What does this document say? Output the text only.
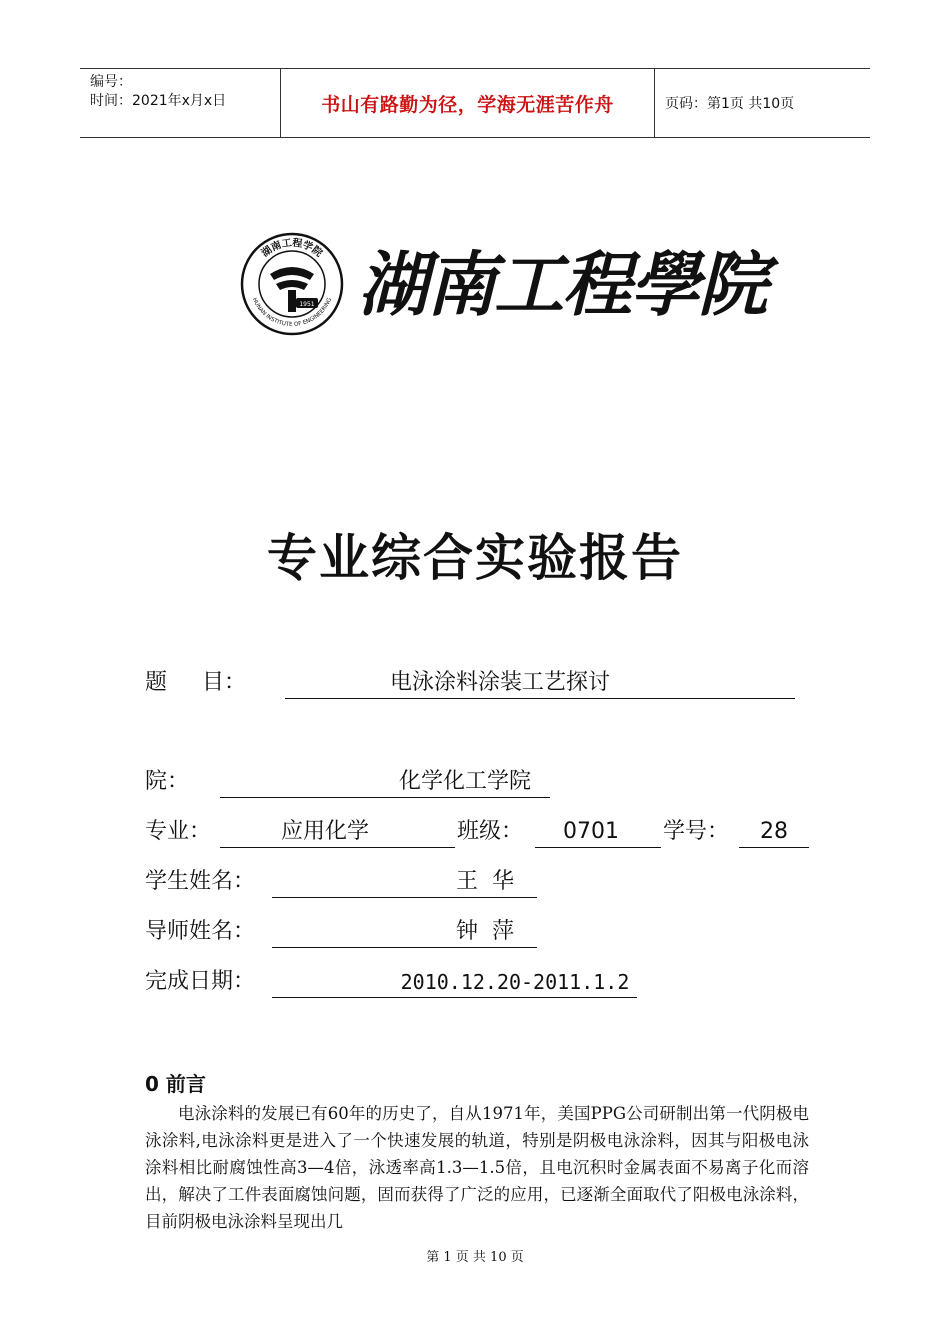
编号：
时间：2021年x月x日	书山有路勤为径，学海无涯苦作舟	页码：第1页 共10页
湖南工程学院
HUNAN INSTITUTE OF ENGINEERING
1951 湖南工程學院
专业综合实验报告
题     目：	电泳涂料涂装工艺探讨
院：	化学化工学院
专业：	应用化学	班级：	0701	学号：	28
学生姓名：	王  华
导师姓名：	钟  萍
完成日期：	2010.12.20-2011.1.2
0 前言

电泳涂料的发展已有60年的历史了，自从1971年，美国PPG公司研制出第一代阴极电泳涂料,电泳涂料更是进入了一个快速发展的轨道，特别是阴极电泳涂料，因其与阳极电泳涂料相比耐腐蚀性高3—4倍，泳透率高1.3—1.5倍，且电沉积时金属表面不易离子化而溶出，解决了工件表面腐蚀问题，固而获得了广泛的应用，已逐渐全面取代了阳极电泳涂料，目前阴极电泳涂料呈现出几

第 1 页 共 10 页
